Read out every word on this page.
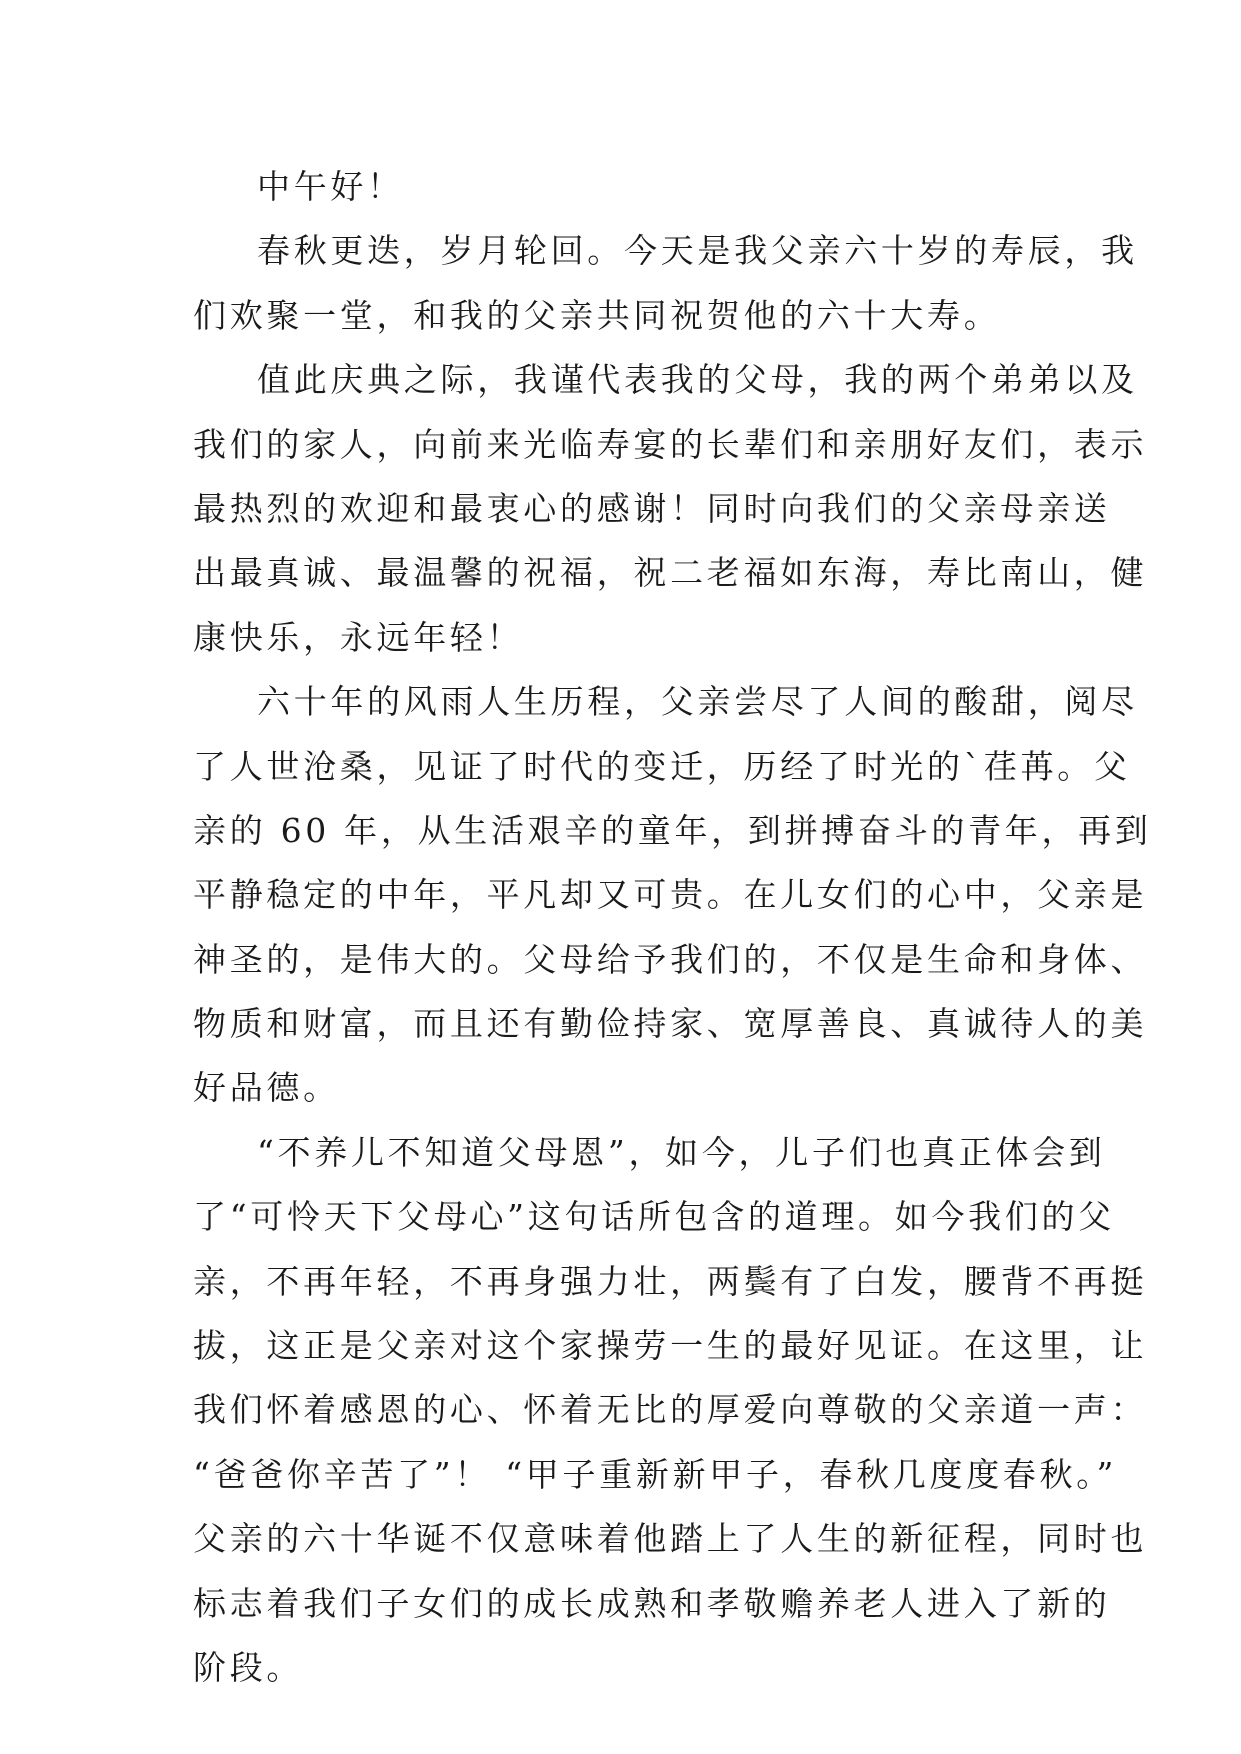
中午好！
春秋更迭，岁月轮回。今天是我父亲六十岁的寿辰，我
们欢聚一堂，和我的父亲共同祝贺他的六十大寿。
值此庆典之际，我谨代表我的父母，我的两个弟弟以及
我们的家人，向前来光临寿宴的长辈们和亲朋好友们，表示
最热烈的欢迎和最衷心的感谢！同时向我们的父亲母亲送
出最真诚、最温馨的祝福，祝二老福如东海，寿比南山，健
康快乐，永远年轻！
六十年的风雨人生历程，父亲尝尽了人间的酸甜，阅尽
了人世沧桑，见证了时代的变迁，历经了时光的`荏苒。父
亲的 60 年，从生活艰辛的童年，到拼搏奋斗的青年，再到
平静稳定的中年，平凡却又可贵。在儿女们的心中，父亲是
神圣的，是伟大的。父母给予我们的，不仅是生命和身体、
物质和财富，而且还有勤俭持家、宽厚善良、真诚待人的美
好品德。
“不养儿不知道父母恩”，如今，儿子们也真正体会到
了“可怜天下父母心”这句话所包含的道理。如今我们的父
亲，不再年轻，不再身强力壮，两鬓有了白发，腰背不再挺
拔，这正是父亲对这个家操劳一生的最好见证。在这里，让
我们怀着感恩的心、怀着无比的厚爱向尊敬的父亲道一声：
“爸爸你辛苦了”！ “甲子重新新甲子，春秋几度度春秋。”
父亲的六十华诞不仅意味着他踏上了人生的新征程，同时也
标志着我们子女们的成长成熟和孝敬赡养老人进入了新的
阶段。
